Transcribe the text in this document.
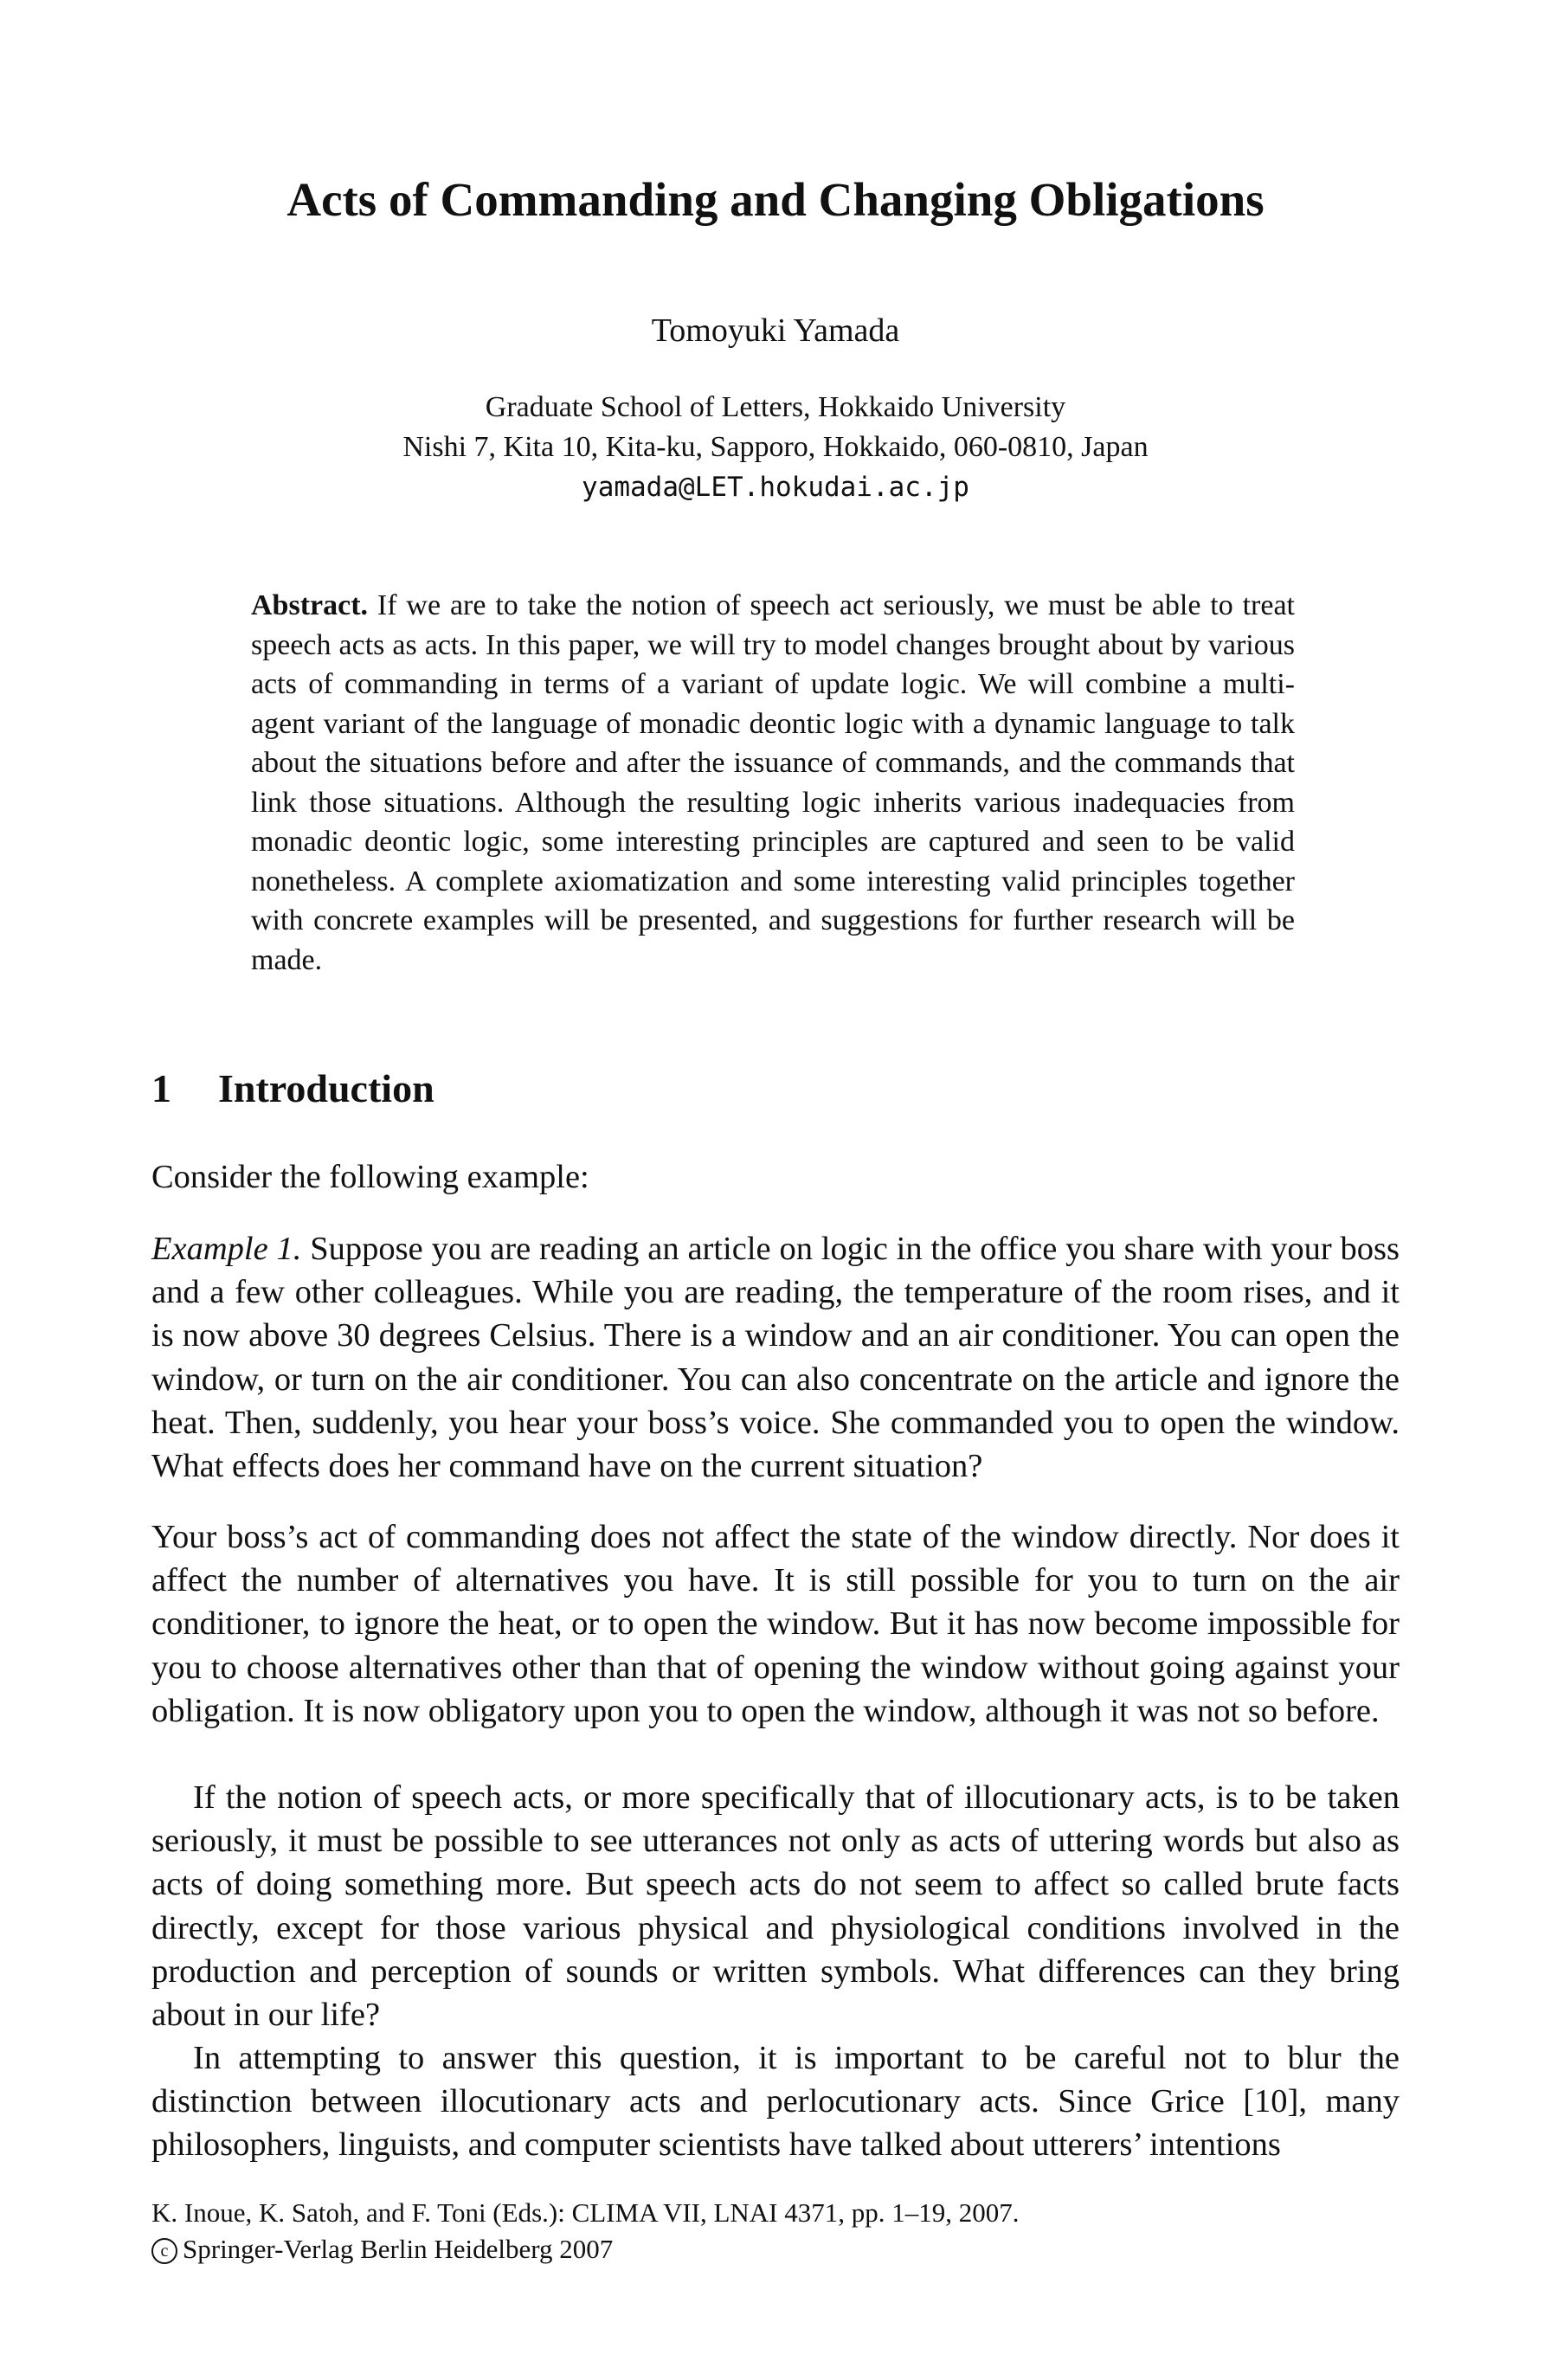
Acts of Commanding and Changing Obligations
Tomoyuki Yamada
Graduate School of Letters, Hokkaido University
Nishi 7, Kita 10, Kita-ku, Sapporo, Hokkaido, 060-0810, Japan
yamada@LET.hokudai.ac.jp

Abstract. If we are to take the notion of speech act seriously, we must be able to treat speech acts as acts. In this paper, we will try to model changes brought about by various acts of commanding in terms of a variant of update logic. We will combine a multi-agent variant of the language of monadic deontic logic with a dynamic language to talk about the situations before and after the issuance of commands, and the commands that link those situations. Although the resulting logic inherits various inadequacies from monadic deontic logic, some interesting principles are captured and seen to be valid nonetheless. A complete axiomatization and some interesting valid principles together with concrete examples will be presented, and suggestions for further research will be made.

1 Introduction

Consider the following example:

Example 1. Suppose you are reading an article on logic in the office you share with your boss and a few other colleagues. While you are reading, the temperature of the room rises, and it is now above 30 degrees Celsius. There is a window and an air conditioner. You can open the window, or turn on the air conditioner. You can also concentrate on the article and ignore the heat. Then, suddenly, you hear your boss’s voice. She commanded you to open the window. What effects does her command have on the current situation?

Your boss’s act of commanding does not affect the state of the window directly. Nor does it affect the number of alternatives you have. It is still possible for you to turn on the air conditioner, to ignore the heat, or to open the window. But it has now become impossible for you to choose alternatives other than that of opening the window without going against your obligation. It is now obligatory upon you to open the window, although it was not so before.

If the notion of speech acts, or more specifically that of illocutionary acts, is to be taken seriously, it must be possible to see utterances not only as acts of uttering words but also as acts of doing something more. But speech acts do not seem to affect so called brute facts directly, except for those various physical and physiological conditions involved in the production and perception of sounds or written symbols. What differences can they bring about in our life?

In attempting to answer this question, it is important to be careful not to blur the distinction between illocutionary acts and perlocutionary acts. Since Grice [10], many philosophers, linguists, and computer scientists have talked about utterers’ intentions

K. Inoue, K. Satoh, and F. Toni (Eds.): CLIMA VII, LNAI 4371, pp. 1–19, 2007.
c Springer-Verlag Berlin Heidelberg 2007
